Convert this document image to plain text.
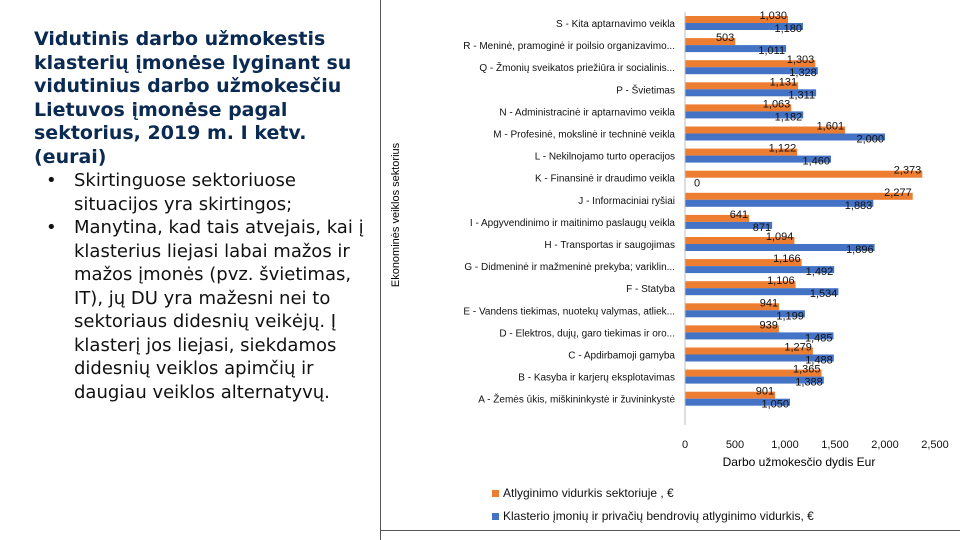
Vidutinis darbo užmokestis klasterių įmonėse lyginant su vidutinius darbo užmokesčiu Lietuvos įmonėse pagal sektorius, 2019 m. I ketv. (eurai)

• Skirtinguose sektoriuose situacijos yra skirtingos;
• Manytina, kad tais atvejais, kai į klasterius liejasi labai mažos ir mažos įmonės (pvz. švietimas, IT), jų DU yra mažesni nei to sektoriaus didesnių veikėjų. Į klasterį jos liejasi, siekdamos didesnių veiklos apimčių ir daugiau veiklos alternatyvų.
Ekonominės veiklos sektorius
S - Kita aptarnavimo veikla
R - Meninė, pramoginė ir poilsio organizavimo...
Q - Žmonių sveikatos priežiūra ir socialinis...
P - Švietimas
N - Administracinė ir aptarnavimo veikla
M - Profesinė, mokslinė ir techninė veikla
L - Nekilnojamo turto operacijos
K - Finansinė ir draudimo veikla
J - Informaciniai ryšiai
I - Apgyvendinimo ir maitinimo paslaugų veikla
H - Transportas ir saugojimas
G - Didmeninė ir mažmeninė prekyba; variklin...
F - Statyba
E - Vandens tiekimas, nuotekų valymas, atliek...
D - Elektros, dujų, garo tiekimas ir oro...
C - Apdirbamoji gamyba
B - Kasyba ir karjerų eksplotavimas
A - Žemės ūkis, miškininkystė ir žuvininkystė
1,030
1,180
503
1,011
1,303
1,328
1,131
1,311
1,063
1,182
1,601
2,000
1,122
1,460
2,373
0
2,277
1,883
641
871
1,094
1,896
1,166
1,492
1,106
1,534
941
1,199
939
1,485
1,279
1,488
1,365
1,388
901
1,050
0	500 1,000 1,500 2,000 2,500
Darbo užmokesčio dydis Eur
Atlyginimo vidurkis sektoriuje , €
Klasterio įmonių ir privačių bendrovių atlyginimo vidurkis, €
